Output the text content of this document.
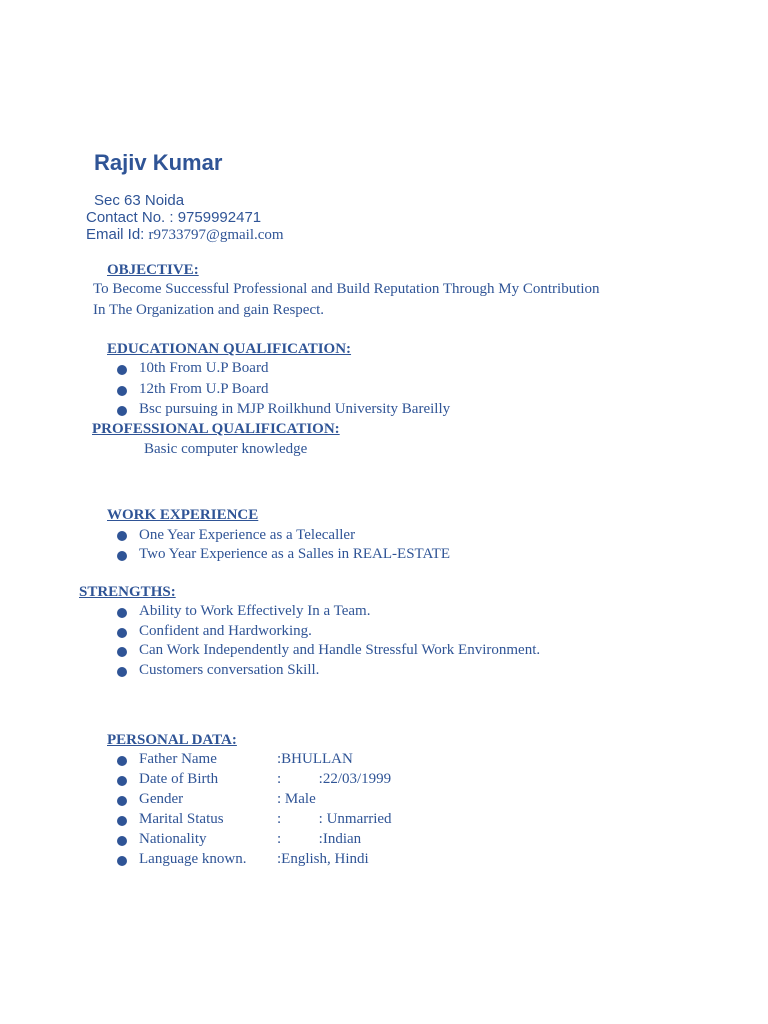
Rajiv Kumar
Sec 63 Noida
Contact No. : 9759992471
Email Id: r9733797@gmail.com
OBJECTIVE:
To Become Successful Professional and Build Reputation Through My Contribution
In The Organization and gain Respect.
EDUCATIONAN QUALIFICATION:
10th From U.P Board
12th From U.P Board
Bsc pursuing in MJP Roilkhund University Bareilly
PROFESSIONAL QUALIFICATION:
Basic computer knowledge
WORK EXPERIENCE
One Year Experience as a Telecaller
Two Year Experience as a Salles in REAL-ESTATE
STRENGTHS:
Ability to Work Effectively In a Team.
Confident and Hardworking.
Can Work Independently and Handle Stressful Work Environment.
Customers conversation Skill.
PERSONAL DATA:
Father Name	:BHULLAN
Date of Birth	:          :22/03/1999
Gender	: Male
Marital Status	:          : Unmarried
Nationality	:          :Indian
Language known. :English, Hindi
